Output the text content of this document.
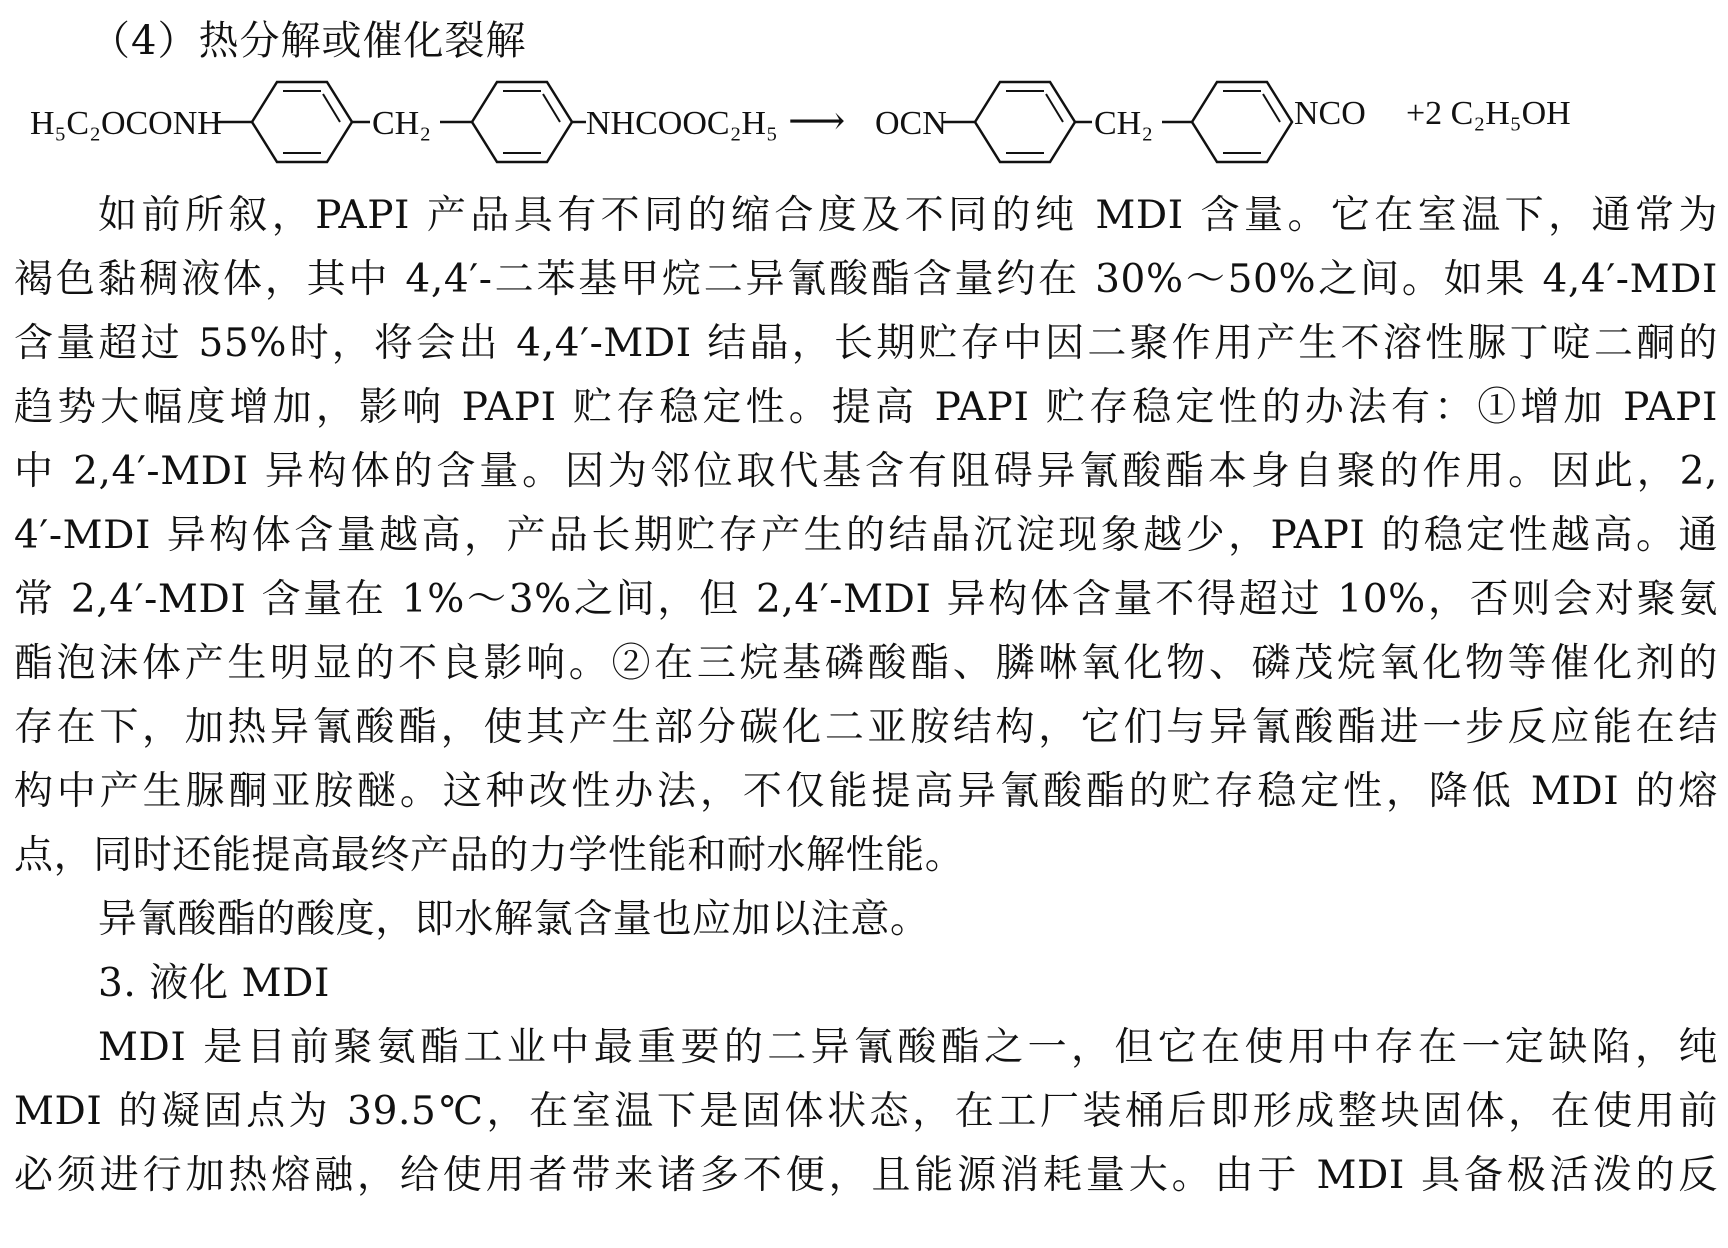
（4）热分解或催化裂解
H₅C₂OCONH	CH₂	NHCOOC₂H₅ ⟶ OCN	CH₂	NCO +2 C₂H₅OH
如前所叙，PAPI 产品具有不同的缩合度及不同的纯 MDI 含量。它在室温下，通常为
褐色黏稠液体，其中 4,4′-二苯基甲烷二异氰酸酯含量约在 30%～50%之间。如果 4,4′-MDI
含量超过 55%时，将会出 4,4′-MDI 结晶，长期贮存中因二聚作用产生不溶性脲丁啶二酮的
趋势大幅度增加，影响 PAPI 贮存稳定性。提高 PAPI 贮存稳定性的办法有：①增加 PAPI
中 2,4′-MDI 异构体的含量。因为邻位取代基含有阻碍异氰酸酯本身自聚的作用。因此，2,
4′-MDI 异构体含量越高，产品长期贮存产生的结晶沉淀现象越少，PAPI 的稳定性越高。通
常 2,4′-MDI 含量在 1%～3%之间，但 2,4′-MDI 异构体含量不得超过 10%，否则会对聚氨
酯泡沫体产生明显的不良影响。②在三烷基磷酸酯、膦啉氧化物、磷茂烷氧化物等催化剂的
存在下，加热异氰酸酯，使其产生部分碳化二亚胺结构，它们与异氰酸酯进一步反应能在结
构中产生脲酮亚胺醚。这种改性办法，不仅能提高异氰酸酯的贮存稳定性，降低 MDI 的熔
点，同时还能提高最终产品的力学性能和耐水解性能。
异氰酸酯的酸度，即水解氯含量也应加以注意。
3. 液化 MDI
MDI 是目前聚氨酯工业中最重要的二异氰酸酯之一，但它在使用中存在一定缺陷，纯
MDI 的凝固点为 39.5℃，在室温下是固体状态，在工厂装桶后即形成整块固体，在使用前
必须进行加热熔融，给使用者带来诸多不便，且能源消耗量大。由于 MDI 具备极活泼的反
